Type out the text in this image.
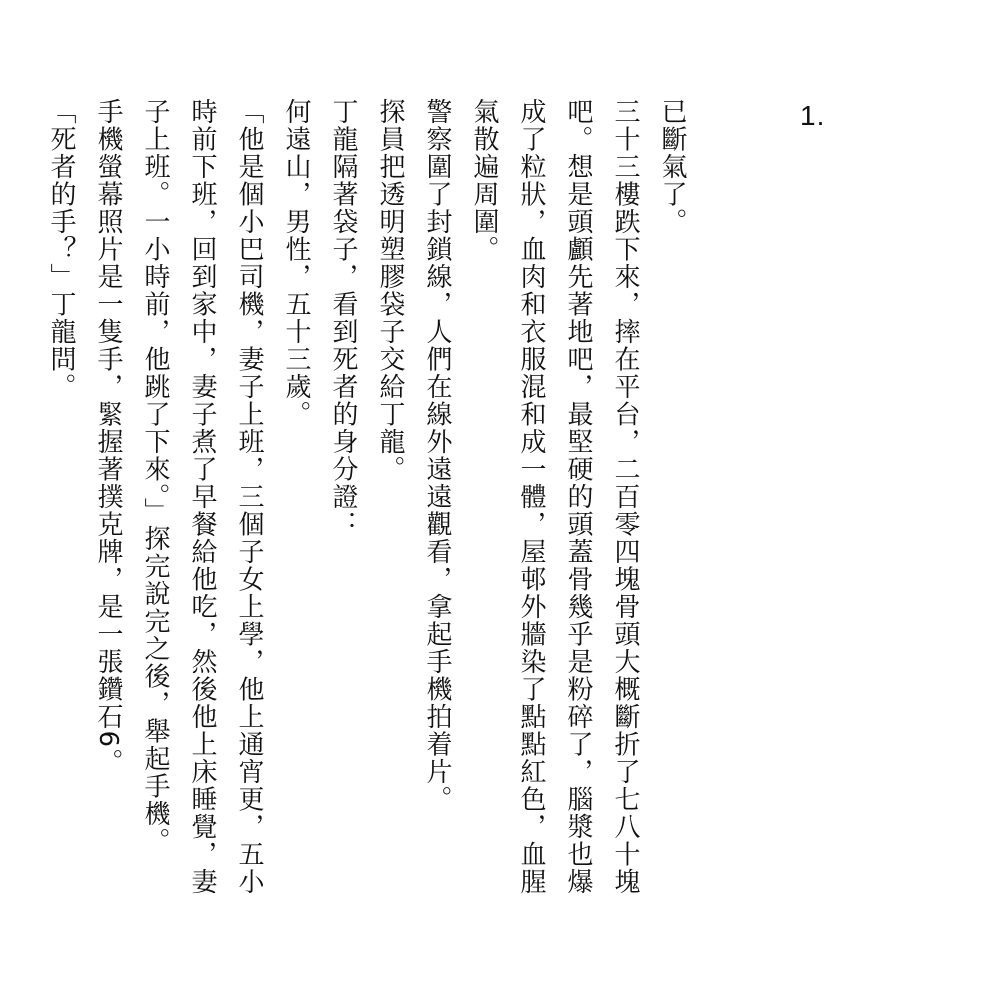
1.

已斷氣了。

三十三樓跌下來，摔在平台，二百零四塊骨頭大概斷折了七八十塊吧。想是頭顱先著地吧，最堅硬的頭蓋骨幾乎是粉碎了，腦漿也爆成了粒狀，血肉和衣服混和成一體，屋邨外牆染了點點紅色，血腥氣散遍周圍。

警察圍了封鎖線，人們在線外遠遠觀看，拿起手機拍着片。

探員把透明塑膠袋子交給丁龍。

丁龍隔著袋子，看到死者的身分證：

何遠山，男性，五十三歲。

「他是個小巴司機，妻子上班，三個子女上學，他上通宵更，五小時前下班，回到家中，妻子煮了早餐給他吃，然後他上床睡覺，妻子上班。一小時前，他跳了下來。」探完說完之後，舉起手機。

手機螢幕照片是一隻手，緊握著撲克牌，是一張鑽石6。

「死者的手？」丁龍問。
